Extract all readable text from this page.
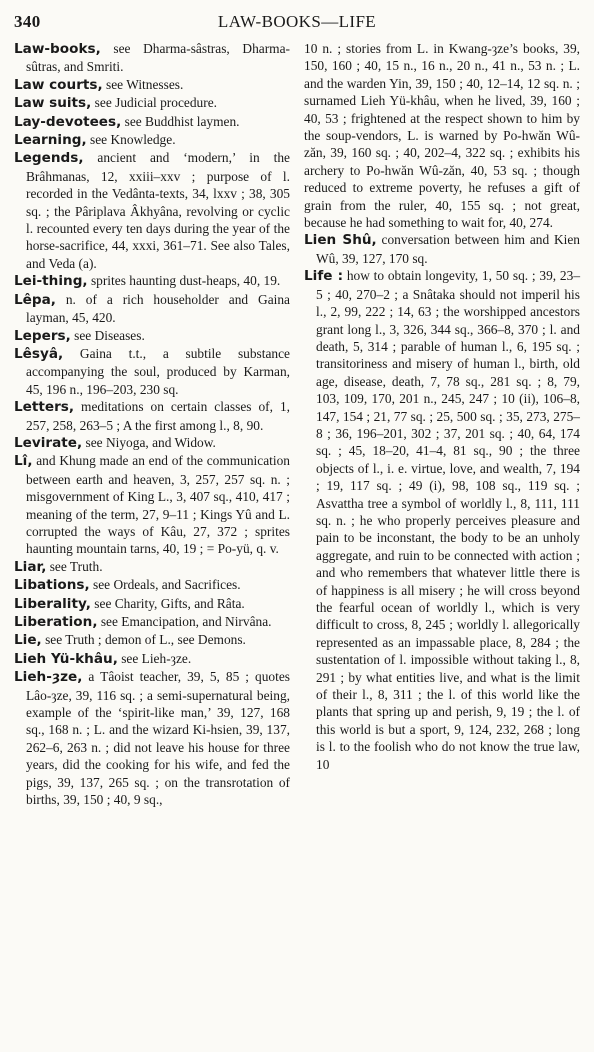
340	LAW-BOOKS—LIFE

Law-books, see Dharma-sâstras, Dharma-sûtras, and Smriti.

Law courts, see Witnesses.

Law suits, see Judicial procedure.

Lay-devotees, see Buddhist laymen.

Learning, see Knowledge.

Legends, ancient and ‘modern,’ in the Brâhmanas, 12, xxiii–xxv ; purpose of l. recorded in the Vedânta-texts, 34, lxxv ; 38, 305 sq. ; the Pâriplava Âkhyâna, revolving or cyclic l. recounted every ten days during the year of the horse-sacrifice, 44, xxxi, 361–71. See also Tales, and Veda (a).

Lei-thing, sprites haunting dust-heaps, 40, 19.

Lêpa, n. of a rich householder and Gaina layman, 45, 420.

Lepers, see Diseases.

Lêsyâ, Gaina t.t., a subtile substance accompanying the soul, produced by Karman, 45, 196 n., 196–203, 230 sq.

Letters, meditations on certain classes of, 1, 257, 258, 263–5 ; A the first among l., 8, 90.

Levirate, see Niyoga, and Widow.

Lî, and Khung made an end of the communication between earth and heaven, 3, 257, 257 sq. n. ; misgovernment of King L., 3, 407 sq., 410, 417 ; meaning of the term, 27, 9–11 ; Kings Yû and L. corrupted the ways of Kâu, 27, 372 ; sprites haunting mountain tarns, 40, 19 ; = Po-yü, q. v.

Liar, see Truth.

Libations, see Ordeals, and Sacrifices.

Liberality, see Charity, Gifts, and Râta.

Liberation, see Emancipation, and Nirvâna.

Lie, see Truth ; demon of L., see Demons.

Lieh Yü-khâu, see Lieh-ȝze.

Lieh-ȝze, a Tâoist teacher, 39, 5, 85 ; quotes Lâo-ȝze, 39, 116 sq. ; a semi-supernatural being, example of the ‘spirit-like man,’ 39, 127, 168 sq., 168 n. ; L. and the wizard Ki-hsien, 39, 137, 262–6, 263 n. ; did not leave his house for three years, did the cooking for his wife, and fed the pigs, 39, 137, 265 sq. ; on the transrotation of births, 39, 150 ; 40, 9 sq.,

10 n. ; stories from L. in Kwang-ȝze’s books, 39, 150, 160 ; 40, 15 n., 16 n., 20 n., 41 n., 53 n. ; L. and the warden Yin, 39, 150 ; 40, 12–14, 12 sq. n. ; surnamed Lieh Yü-khâu, when he lived, 39, 160 ; 40, 53 ; frightened at the respect shown to him by the soup-vendors, L. is warned by Po-hwăn Wû-zăn, 39, 160 sq. ; 40, 202–4, 322 sq. ; exhibits his archery to Po-hwăn Wû-zăn, 40, 53 sq. ; though reduced to extreme poverty, he refuses a gift of grain from the ruler, 40, 155 sq. ; not great, because he had something to wait for, 40, 274.

Lien Shû, conversation between him and Kien Wû, 39, 127, 170 sq.

Life : how to obtain longevity, 1, 50 sq. ; 39, 23–5 ; 40, 270–2 ; a Snâtaka should not imperil his l., 2, 99, 222 ; 14, 63 ; the worshipped ancestors grant long l., 3, 326, 344 sq., 366–8, 370 ; l. and death, 5, 314 ; parable of human l., 6, 195 sq. ; transitoriness and misery of human l., birth, old age, disease, death, 7, 78 sq., 281 sq. ; 8, 79, 103, 109, 170, 201 n., 245, 247 ; 10 (ii), 106–8, 147, 154 ; 21, 77 sq. ; 25, 500 sq. ; 35, 273, 275–8 ; 36, 196–201, 302 ; 37, 201 sq. ; 40, 64, 174 sq. ; 45, 18–20, 41–4, 81 sq., 90 ; the three objects of l., i. e. virtue, love, and wealth, 7, 194 ; 19, 117 sq. ; 49 (i), 98, 108 sq., 119 sq. ; Asvattha tree a symbol of worldly l., 8, 111, 111 sq. n. ; he who properly perceives pleasure and pain to be inconstant, the body to be an unholy aggregate, and ruin to be connected with action ; and who remembers that whatever little there is of happiness is all misery ; he will cross beyond the fearful ocean of worldly l., which is very difficult to cross, 8, 245 ; worldly l. allegorically represented as an impassable place, 8, 284 ; the sustentation of l. impossible without taking l., 8, 291 ; by what entities live, and what is the limit of their l., 8, 311 ; the l. of this world like the plants that spring up and perish, 9, 19 ; the l. of this world is but a sport, 9, 124, 232, 268 ; long is l. to the foolish who do not know the true law, 10
